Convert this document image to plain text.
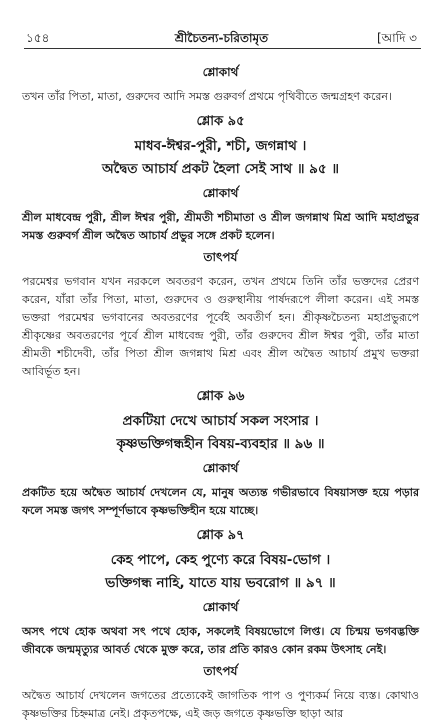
১৫৪	শ্রীচৈতন্য-চরিতামৃত	[আদি ৩
শ্লোকার্থ

তখন তাঁর পিতা, মাতা, গুরুদেব আদি সমস্ত গুরুবর্গ প্রথমে পৃথিবীতে জন্মগ্রহণ করেন।

শ্লোক ৯৫
মাধব-ঈশ্বর-পুরী, শচী, জগন্নাথ ।
অদ্বৈত আচার্য প্রকট হৈলা সেই সাথ ॥ ৯৫ ॥
শ্লোকার্থ

শ্রীল মাধবেন্দ্র পুরী, শ্রীল ঈশ্বর পুরী, শ্রীমতী শচীমাতা ও শ্রীল জগন্নাথ মিশ্র আদি মহাপ্রভুর সমস্ত গুরুবর্গ শ্রীল অদ্বৈত আচার্য প্রভুর সঙ্গে প্রকট হলেন।

তাৎপর্য

পরমেশ্বর ভগবান যখন নরকলে অবতরণ করেন, তখন প্রথমে তিনি তাঁর ভক্তদের প্রেরণ করেন, যাঁরা তাঁর পিতা, মাতা, গুরুদেব ও গুরুস্থানীয় পার্ষদরূপে লীলা করেন। এই সমস্ত ভক্তরা পরমেশ্বর ভগবানের অবতরণের পূর্বেই অবতীর্ণ হন। শ্রীকৃষ্ণচৈতন্য মহাপ্রভুরূপে শ্রীকৃষ্ণের অবতরণের পূর্বে শ্রীল মাধবেন্দ্র পুরী, তাঁর গুরুদেব শ্রীল ঈশ্বর পুরী, তাঁর মাতা শ্রীমতী শচীদেবী, তাঁর পিতা শ্রীল জগন্নাথ মিশ্র এবং শ্রীল অদ্বৈত আচার্য প্রমুখ ভক্তরা আবির্ভূত হন।

শ্লোক ৯৬
প্রকটিয়া দেখে আচার্য সকল সংসার ।
কৃষ্ণভক্তিগন্ধহীন বিষয়-ব্যবহার ॥ ৯৬ ॥
শ্লোকার্থ

প্রকটিত হয়ে অদ্বৈত আচার্য দেখলেন যে, মানুষ অত্যন্ত গভীরভাবে বিষয়াসক্ত হয়ে পড়ার ফলে সমস্ত জগৎ সম্পূর্ণভাবে কৃষ্ণভক্তিহীন হয়ে যাচ্ছে।

শ্লোক ৯৭
কেহ পাপে, কেহ পুণ্যে করে বিষয়-ভোগ ।
ভক্তিগন্ধ নাহি, যাতে যায় ভবরোগ ॥ ৯৭ ॥
শ্লোকার্থ

অসৎ পথে হোক অথবা সৎ পথে হোক, সকলেই বিষয়ভোগে লিপ্ত। যে চিন্ময় ভগবদ্ভক্তি জীবকে জন্মমৃত্যুর আবর্ত থেকে মুক্ত করে, তার প্রতি কারও কোন রকম উৎসাহ নেই।

তাৎপর্য

অদ্বৈত আচার্য দেখলেন জগতের প্রত্যেকেই জাগতিক পাপ ও পুণ্যকর্ম নিয়ে ব্যস্ত। কোথাও কৃষ্ণভক্তির চিহ্নমাত্র নেই। প্রকৃতপক্ষে, এই জড় জগতে কৃষ্ণভক্তি ছাড়া আর
